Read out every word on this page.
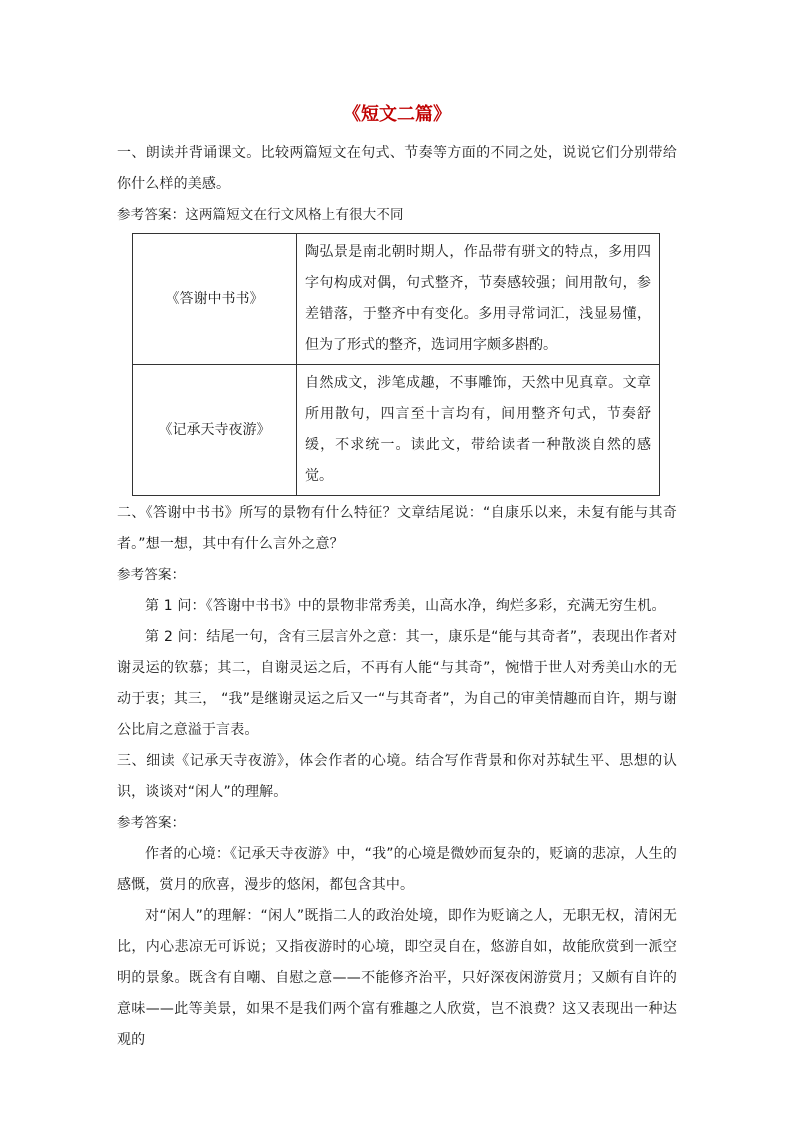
《短文二篇》

一、朗读并背诵课文。比较两篇短文在句式、节奏等方面的不同之处，说说它们分别带给你什么样的美感。

参考答案：这两篇短文在行文风格上有很大不同

《答谢中书书》	陶弘景是南北朝时期人，作品带有骈文的特点，多用四字句构成对偶，句式整齐，节奏感较强；间用散句，参差错落，于整齐中有变化。多用寻常词汇，浅显易懂，但为了形式的整齐，选词用字颇多斟酌。
《记承天寺夜游》	自然成文，涉笔成趣，不事雕饰，天然中见真章。文章所用散句，四言至十言均有，间用整齐句式，节奏舒缓，不求统一。读此文，带给读者一种散淡自然的感觉。

二、《答谢中书书》所写的景物有什么特征？文章结尾说：“自康乐以来，未复有能与其奇者。”想一想，其中有什么言外之意？

参考答案：

第 1 问：《答谢中书书》中的景物非常秀美，山高水净，绚烂多彩，充满无穷生机。

第 2 问：结尾一句，含有三层言外之意：其一，康乐是“能与其奇者”，表现出作者对谢灵运的钦慕；其二，自谢灵运之后，不再有人能“与其奇”，惋惜于世人对秀美山水的无动于衷；其三， “我”是继谢灵运之后又一“与其奇者”，为自己的审美情趣而自许，期与谢公比肩之意溢于言表。

三、细读《记承天寺夜游》，体会作者的心境。结合写作背景和你对苏轼生平、思想的认识，谈谈对“闲人”的理解。

参考答案：

作者的心境：《记承天寺夜游》中，“我”的心境是微妙而复杂的，贬谪的悲凉，人生的感慨，赏月的欣喜，漫步的悠闲，都包含其中。

对“闲人”的理解：“闲人”既指二人的政治处境，即作为贬谪之人，无职无权，清闲无比，内心悲凉无可诉说；又指夜游时的心境，即空灵自在，悠游自如，故能欣赏到一派空明的景象。既含有自嘲、自慰之意——不能修齐治平，只好深夜闲游赏月；又颇有自许的意味——此等美景，如果不是我们两个富有雅趣之人欣赏，岂不浪费？这又表现出一种达观的
